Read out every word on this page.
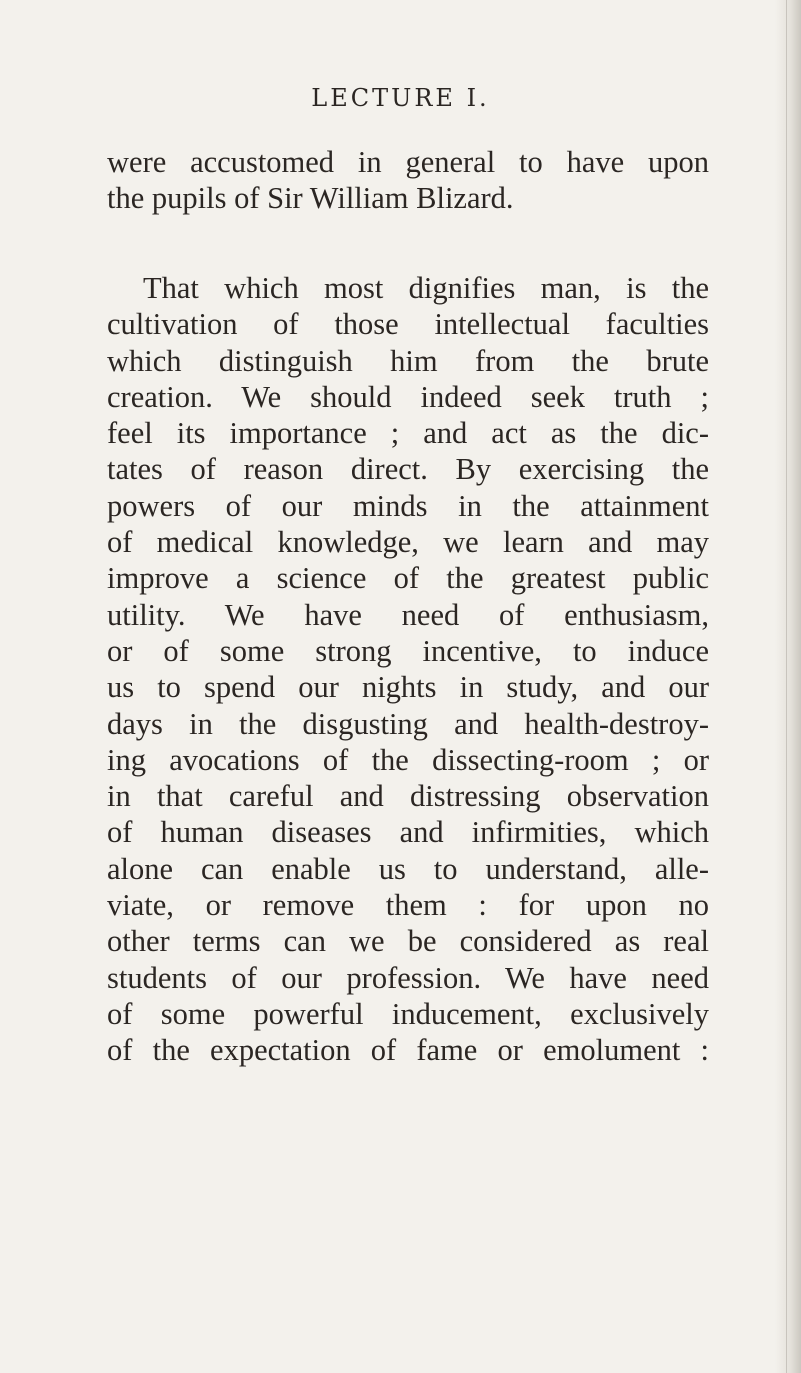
LECTURE I.
were accustomed in general to have upon
the pupils of Sir William Blizard.
That which most dignifies man, is the
cultivation of those intellectual faculties
which distinguish him from the brute
creation. We should indeed seek truth ;
feel its importance ; and act as the dic-
tates of reason direct. By exercising the
powers of our minds in the attainment
of medical knowledge, we learn and may
improve a science of the greatest public
utility. We have need of enthusiasm,
or of some strong incentive, to induce
us to spend our nights in study, and our
days in the disgusting and health-destroy-
ing avocations of the dissecting-room ; or
in that careful and distressing observation
of human diseases and infirmities, which
alone can enable us to understand, alle-
viate, or remove them : for upon no
other terms can we be considered as real
students of our profession. We have need
of some powerful inducement, exclusively
of the expectation of fame or emolument :
